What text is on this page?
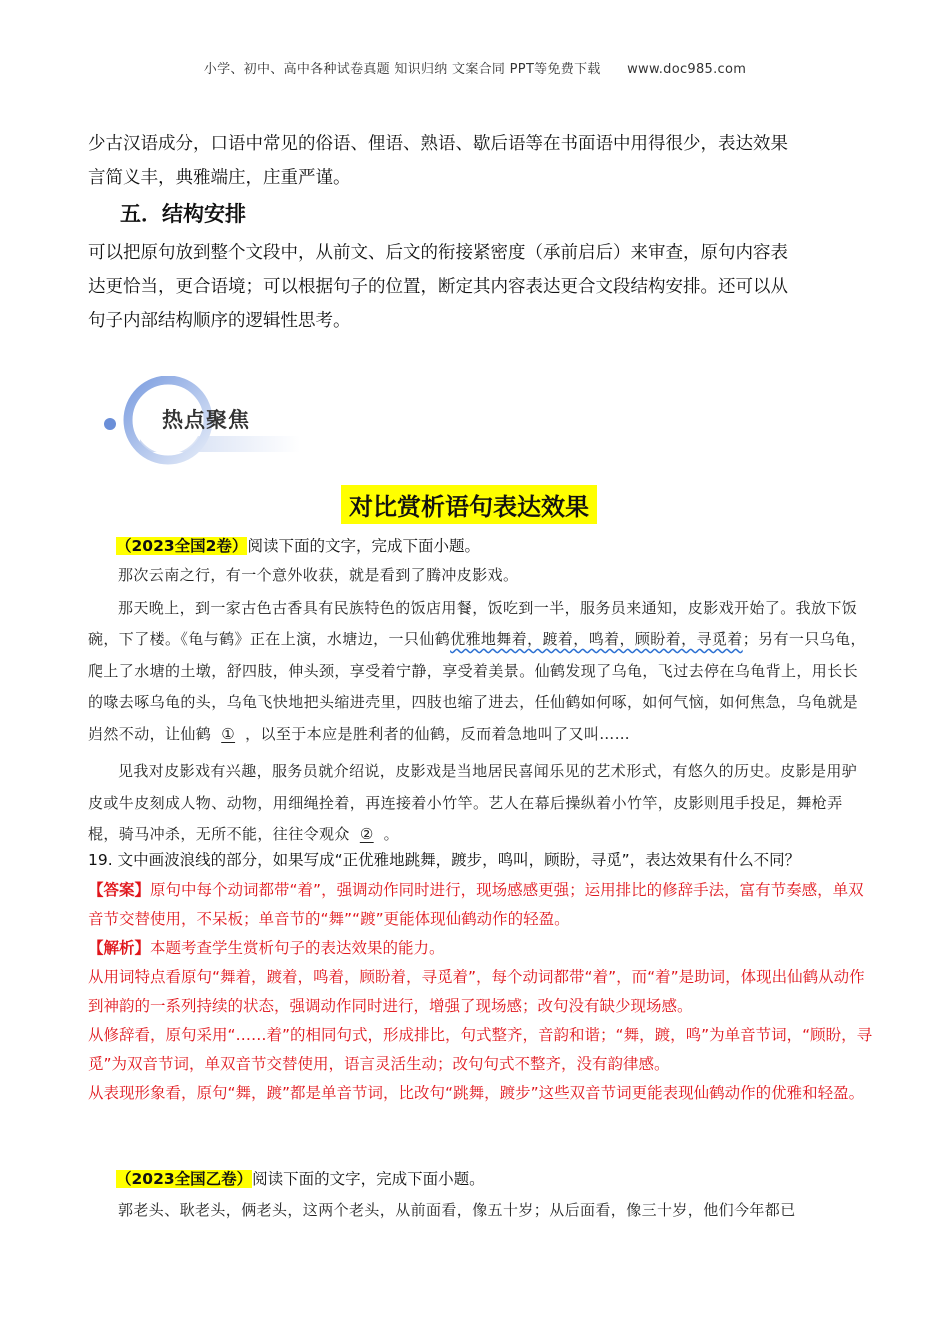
小学、初中、高中各种试卷真题 知识归纳 文案合同 PPT等免费下载 www.doc985.com
少古汉语成分，口语中常见的俗语、俚语、熟语、歇后语等在书面语中用得很少，表达效果
言简义丰，典雅端庄，庄重严谨。
五．结构安排
可以把原句放到整个文段中，从前文、后文的衔接紧密度（承前启后）来审查，原句内容表
达更恰当，更合语境；可以根据句子的位置，断定其内容表达更合文段结构安排。还可以从
句子内部结构顺序的逻辑性思考。
热点聚焦
对比赏析语句表达效果
（2023全国2卷）阅读下面的文字，完成下面小题。
那次云南之行，有一个意外收获，就是看到了腾冲皮影戏。
那天晚上，到一家古色古香具有民族特色的饭店用餐，饭吃到一半，服务员来通知，皮影戏开始了。我放下饭碗，下了楼。《龟与鹤》正在上演，水塘边，一只仙鹤优雅地舞着，踱着，鸣着，顾盼着，寻觅着；另有一只乌龟，爬上了水塘的土墩，舒四肢，伸头颈，享受着宁静，享受着美景。仙鹤发现了乌龟，飞过去停在乌龟背上，用长长的喙去啄乌龟的头，乌龟飞快地把头缩进壳里，四肢也缩了进去，任仙鹤如何啄，如何气恼，如何焦急，乌龟就是岿然不动，让仙鹤 ① ，以至于本应是胜利者的仙鹤，反而着急地叫了又叫……
见我对皮影戏有兴趣，服务员就介绍说，皮影戏是当地居民喜闻乐见的艺术形式，有悠久的历史。皮影是用驴皮或牛皮刻成人物、动物，用细绳拴着，再连接着小竹竿。艺人在幕后操纵着小竹竿，皮影则甩手投足，舞枪弄棍，骑马冲杀，无所不能，往往令观众 ② 。
19. 文中画波浪线的部分，如果写成“正优雅地跳舞，踱步，鸣叫，顾盼，寻觅”，表达效果有什么不同？
【答案】原句中每个动词都带“着”，强调动作同时进行，现场感感更强；运用排比的修辞手法，富有节奏感，单双音节交替使用，不呆板；单音节的“舞”“踱”更能体现仙鹤动作的轻盈。
【解析】本题考查学生赏析句子的表达效果的能力。
从用词特点看原句“舞着，踱着，鸣着，顾盼着，寻觅着”，每个动词都带“着”，而“着”是助词，体现出仙鹤从动作到神韵的一系列持续的状态，强调动作同时进行，增强了现场感；改句没有缺少现场感。
从修辞看，原句采用“……着”的相同句式，形成排比，句式整齐，音韵和谐；“舞，踱，鸣”为单音节词，“顾盼，寻觅”为双音节词，单双音节交替使用，语言灵活生动；改句句式不整齐，没有韵律感。
从表现形象看，原句“舞，踱”都是单音节词，比改句“跳舞，踱步”这些双音节词更能表现仙鹤动作的优雅和轻盈。
（2023全国乙卷）阅读下面的文字，完成下面小题。
郭老头、耿老头，俩老头，这两个老头，从前面看，像五十岁；从后面看，像三十岁，他们今年都已
